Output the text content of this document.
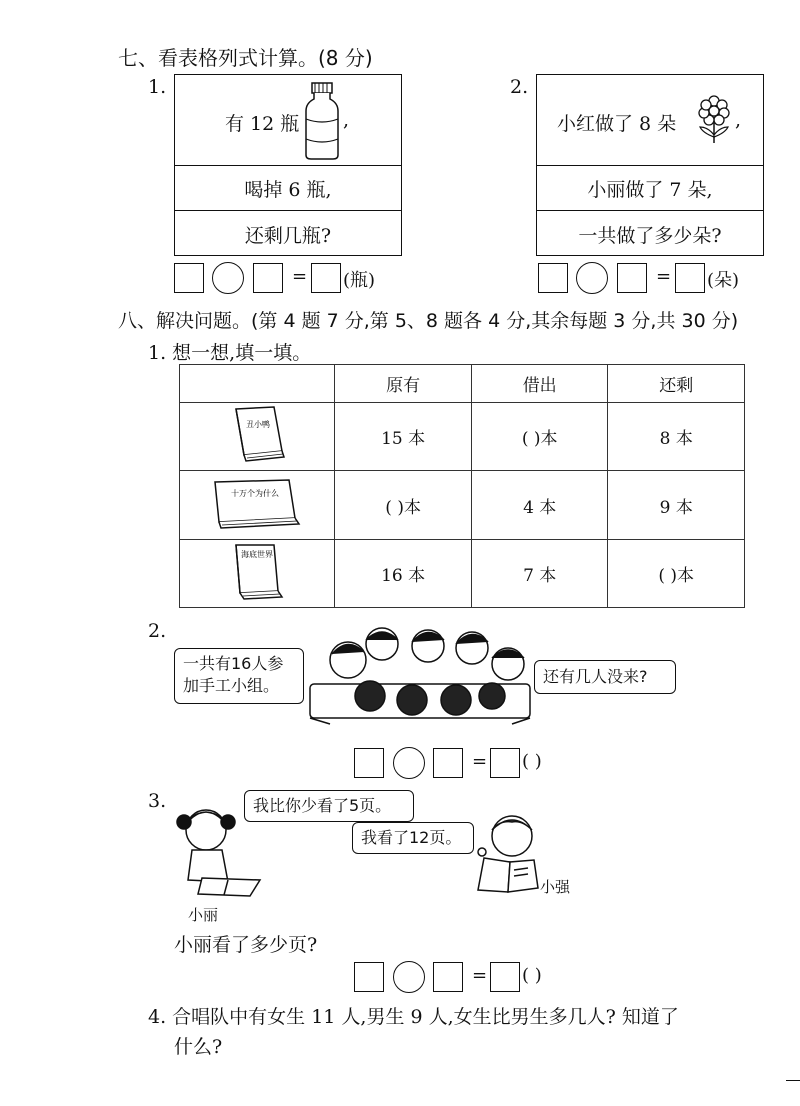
七、看表格列式计算。(8 分)
1.
有 12 瓶 ,
喝掉 6 瓶,
还剩几瓶?
= (瓶)
2.
小红做了 8 朵	,
小丽做了 7 朵,
一共做了多少朵?
= (朵)
八、解决问题。(第 4 题 7 分,第 5、8 题各 4 分,其余每题 3 分,共 30 分)
1. 想一想,填一填。
	原有	借出	还剩

丑小鸭	15 本	( )本	8 本

十万个为什么	( )本	4 本	9 本

海底世界	16 本	7 本	( )本
2.
一共有16人参加手工小组。	还有几人没来?
= ( )
3.
小丽
我比你少看了5页。
我看了12页。
小强
小丽看了多少页?
= ( )
4. 合唱队中有女生 11 人,男生 9 人,女生比男生多几人? 知道了
什么?
